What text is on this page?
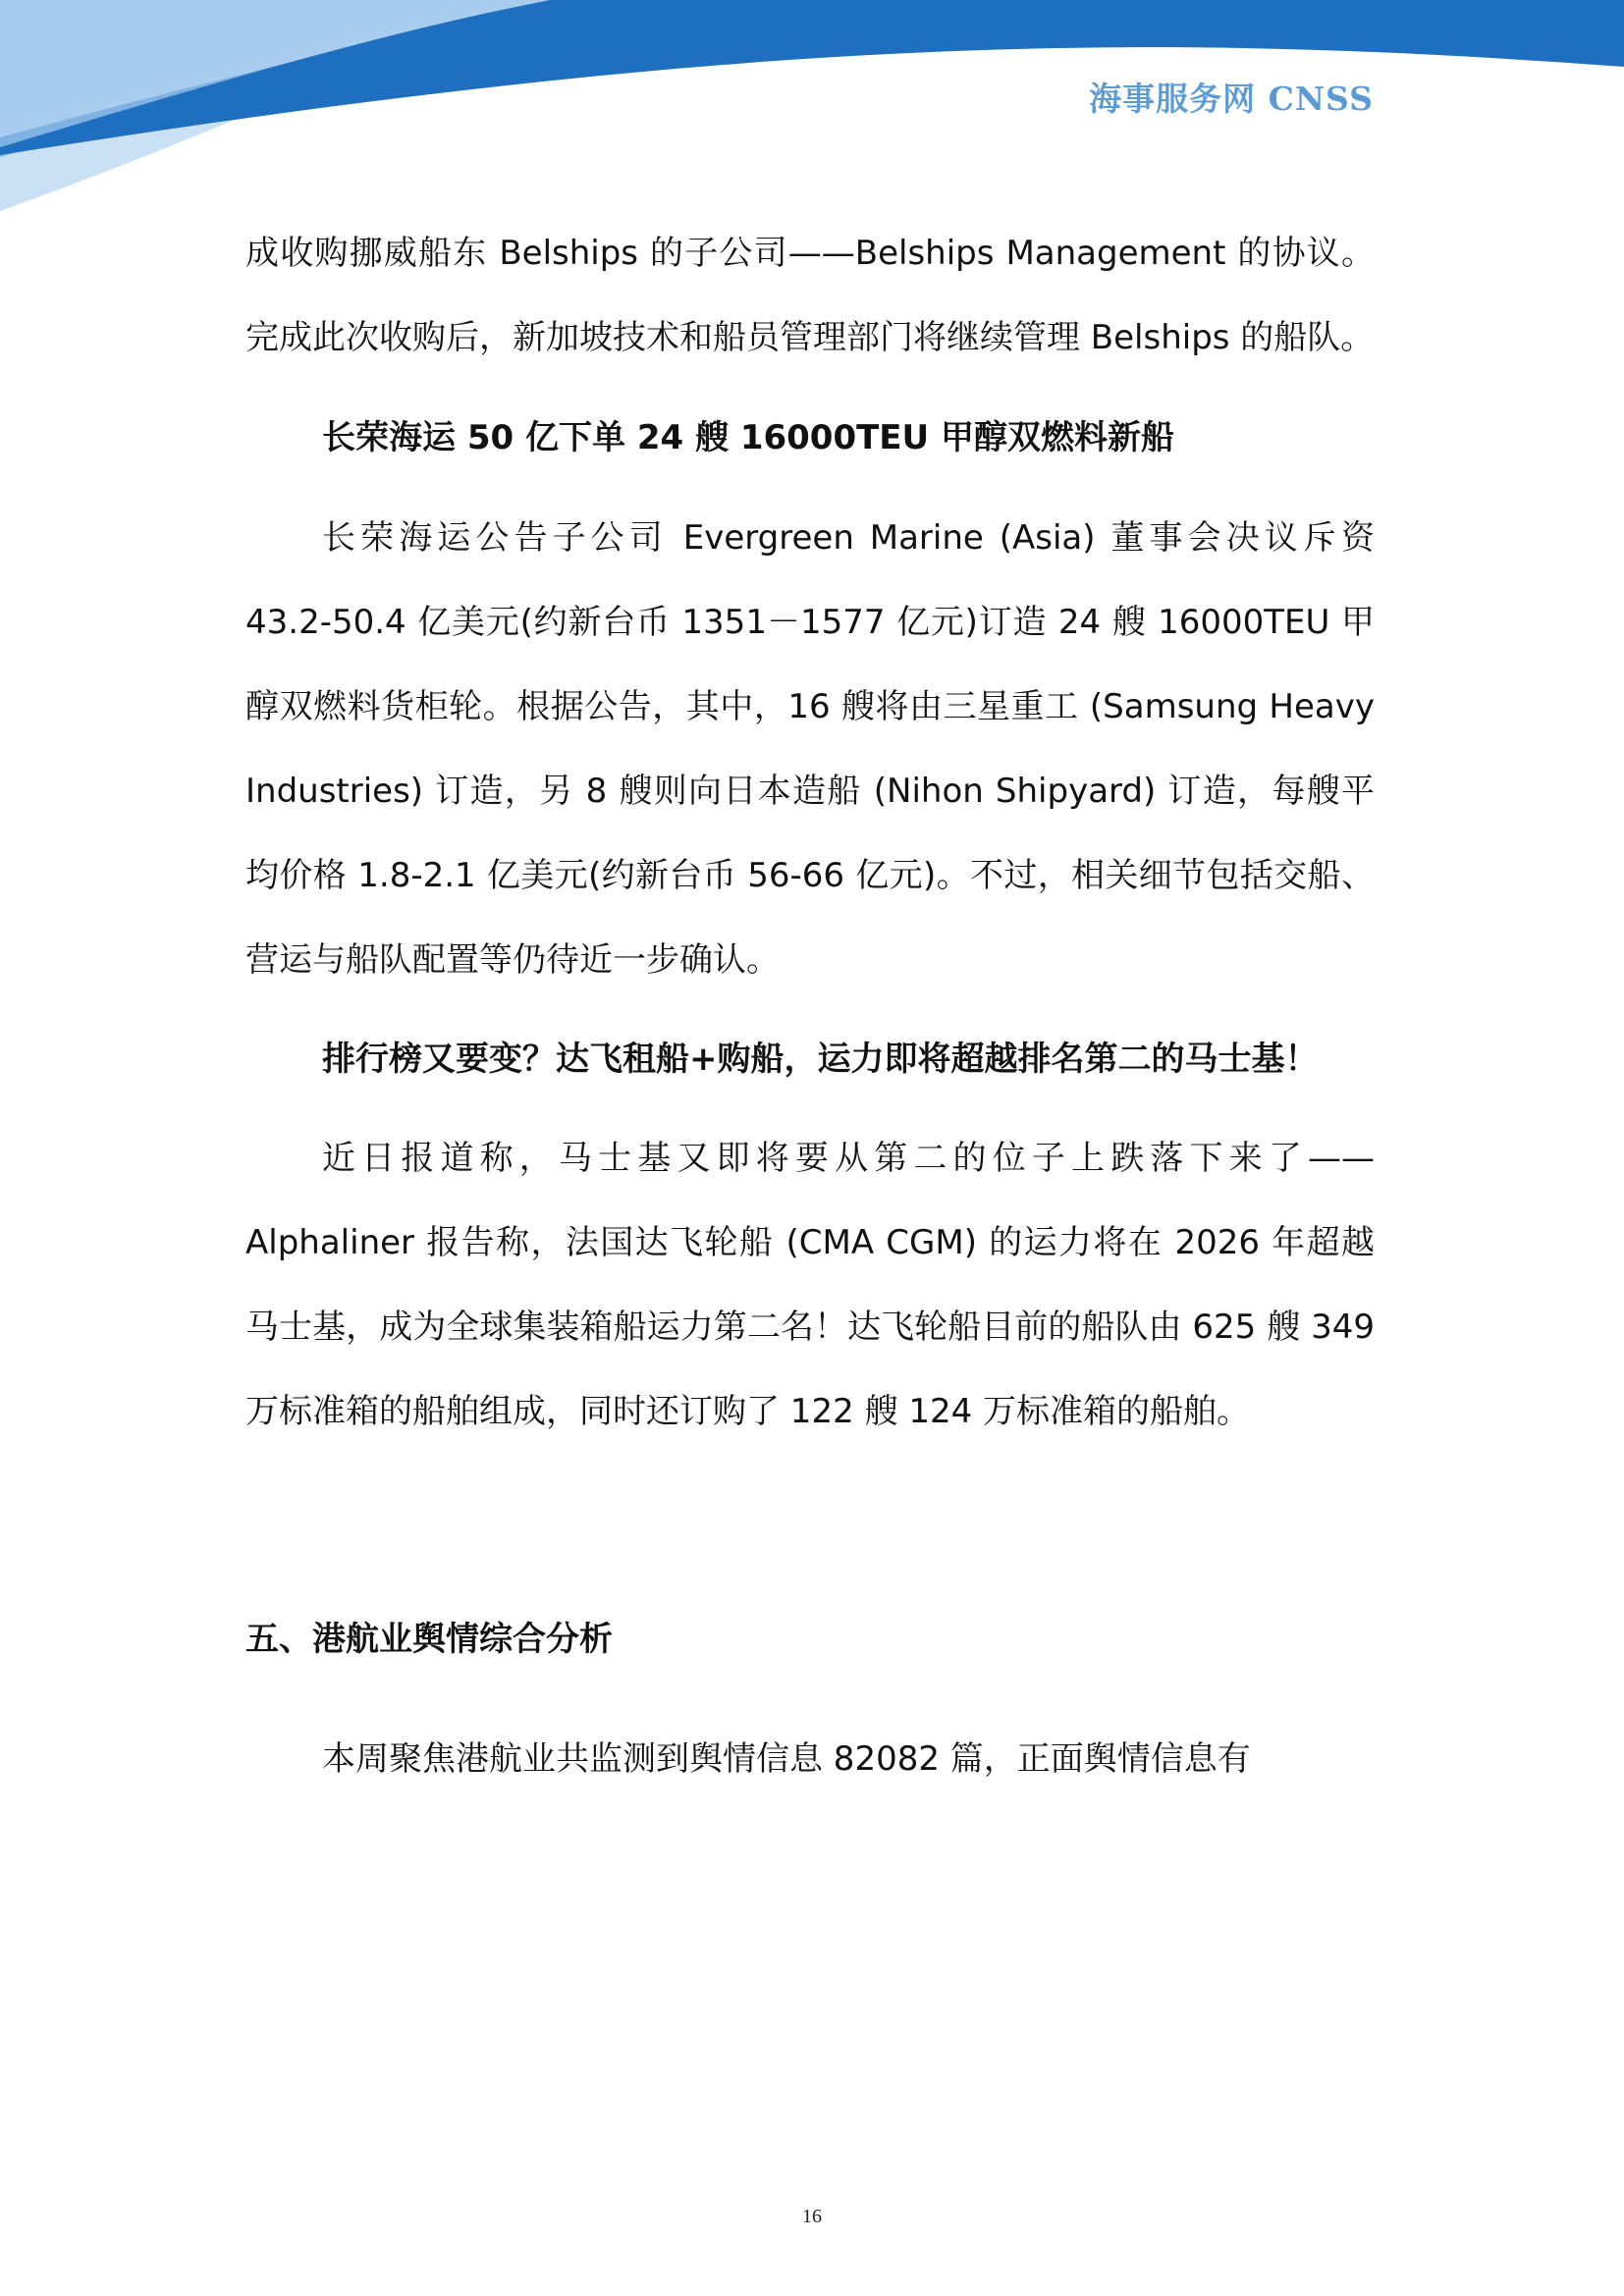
海事服务网 CNSS

成收购挪威船东 Belships 的子公司——Belships Management 的协议。完成此次收购后，新加坡技术和船员管理部门将继续管理 Belships 的船队。

长荣海运 50 亿下单 24 艘 16000TEU 甲醇双燃料新船

长荣海运公告子公司 Evergreen Marine (Asia) 董事会决议斥资 43.2-50.4 亿美元(约新台币 1351－1577 亿元)订造 24 艘 16000TEU 甲醇双燃料货柜轮。根据公告，其中，16 艘将由三星重工 (Samsung Heavy Industries) 订造，另 8 艘则向日本造船 (Nihon Shipyard) 订造，每艘平均价格 1.8-2.1 亿美元(约新台币 56-66 亿元)。不过，相关细节包括交船、营运与船队配置等仍待近一步确认。

排行榜又要变？达飞租船+购船，运力即将超越排名第二的马士基！

近日报道称，马士基又即将要从第二的位子上跌落下来了——Alphaliner 报告称，法国达飞轮船 (CMA CGM) 的运力将在 2026 年超越马士基，成为全球集装箱船运力第二名！达飞轮船目前的船队由 625 艘 349 万标准箱的船舶组成，同时还订购了 122 艘 124 万标准箱的船舶。

五、港航业舆情综合分析

本周聚焦港航业共监测到舆情信息 82082 篇，正面舆情信息有

16
